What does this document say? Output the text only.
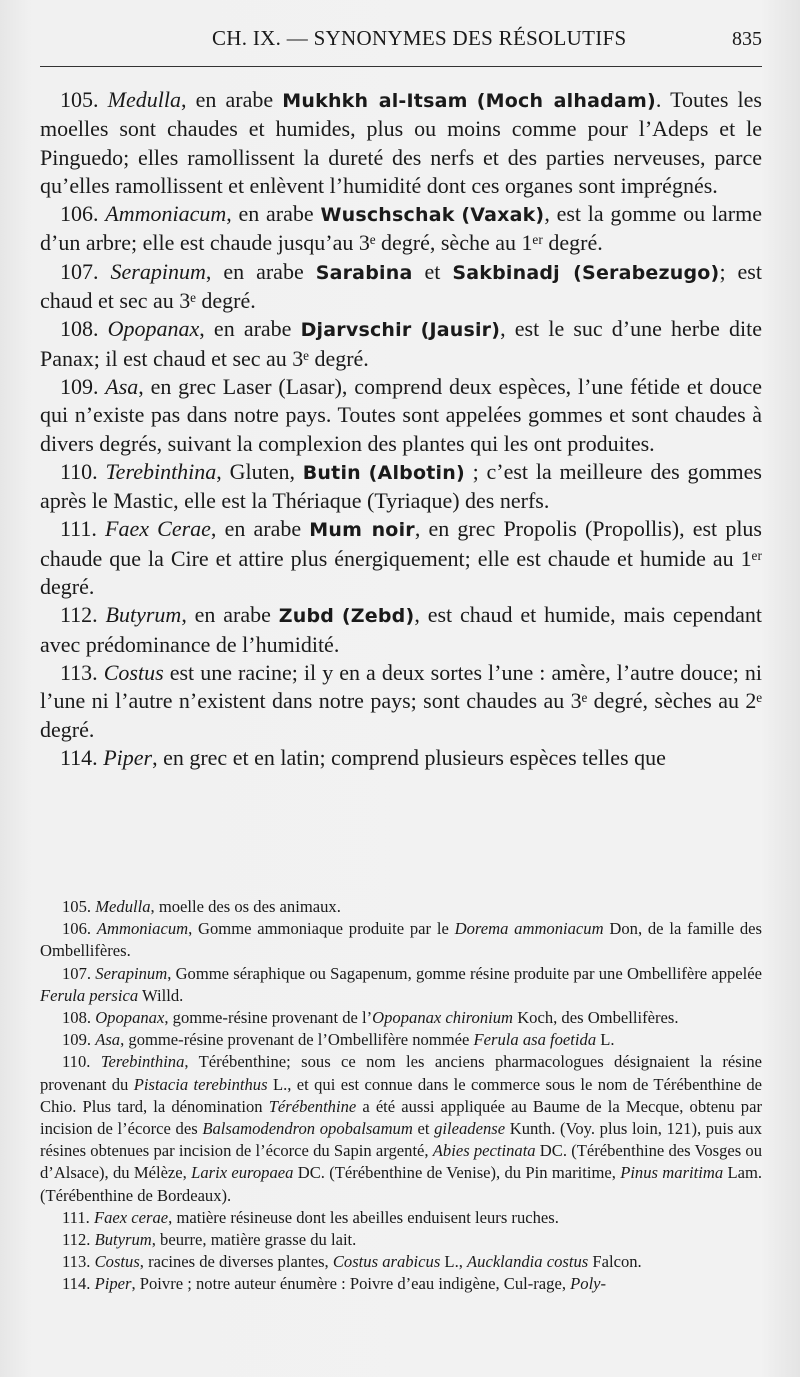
CH. IX. — SYNONYMES DES RÉSOLUTIFS	835

105. Medulla, en arabe Mukhkh al-Itsam (Moch alhadam). Toutes les moelles sont chaudes et humides, plus ou moins comme pour l’Adeps et le Pinguedo; elles ramollissent la dureté des nerfs et des parties nerveuses, parce qu’elles ramollissent et enlèvent l’humidité dont ces organes sont imprégnés.

106. Ammoniacum, en arabe Wuschschak (Vaxak), est la gomme ou larme d’un arbre; elle est chaude jusqu’au 3ᵉ degré, sèche au 1ᵉʳ degré.

107. Serapinum, en arabe Sarabina et Sakbinadj (Serabezugo); est chaud et sec au 3ᵉ degré.

108. Opopanax, en arabe Djarvschir (Jausir), est le suc d’une herbe dite Panax; il est chaud et sec au 3ᵉ degré.

109. Asa, en grec Laser (Lasar), comprend deux espèces, l’une fétide et douce qui n’existe pas dans notre pays. Toutes sont appelées gommes et sont chaudes à divers degrés, suivant la complexion des plantes qui les ont produites.

110. Terebinthina, Gluten, Butin (Albotin) ; c’est la meilleure des gommes après le Mastic, elle est la Thériaque (Tyriaque) des nerfs.

111. Faex Cerae, en arabe Mum noir, en grec Propolis (Propollis), est plus chaude que la Cire et attire plus énergiquement; elle est chaude et humide au 1ᵉʳ degré.

112. Butyrum, en arabe Zubd (Zebd), est chaud et humide, mais cependant avec prédominance de l’humidité.

113. Costus est une racine; il y en a deux sortes l’une : amère, l’autre douce; ni l’une ni l’autre n’existent dans notre pays; sont chaudes au 3ᵉ degré, sèches au 2ᵉ degré.

114. Piper, en grec et en latin; comprend plusieurs espèces telles que

105. Medulla, moelle des os des animaux.

106. Ammoniacum, Gomme ammoniaque produite par le Dorema ammoniacum Don, de la famille des Ombellifères.

107. Serapinum, Gomme séraphique ou Sagapenum, gomme résine produite par une Ombellifère appelée Ferula persica Willd.

108. Opopanax, gomme-résine provenant de l’Opopanax chironium Koch, des Ombellifères.

109. Asa, gomme-résine provenant de l’Ombellifère nommée Ferula asa foetida L.

110. Terebinthina, Térébenthine; sous ce nom les anciens pharmacologues désignaient la résine provenant du Pistacia terebinthus L., et qui est connue dans le commerce sous le nom de Térébenthine de Chio. Plus tard, la dénomination Térébenthine a été aussi appliquée au Baume de la Mecque, obtenu par incision de l’écorce des Balsamodendron opobalsamum et gileadense Kunth. (Voy. plus loin, 121), puis aux résines obtenues par incision de l’écorce du Sapin argenté, Abies pectinata DC. (Térébenthine des Vosges ou d’Alsace), du Mélèze, Larix europaea DC. (Térébenthine de Venise), du Pin maritime, Pinus maritima Lam. (Térébenthine de Bordeaux).

111. Faex cerae, matière résineuse dont les abeilles enduisent leurs ruches.

112. Butyrum, beurre, matière grasse du lait.

113. Costus, racines de diverses plantes, Costus arabicus L., Aucklandia costus Falcon.

114. Piper, Poivre ; notre auteur énumère : Poivre d’eau indigène, Cul-rage, Poly-
